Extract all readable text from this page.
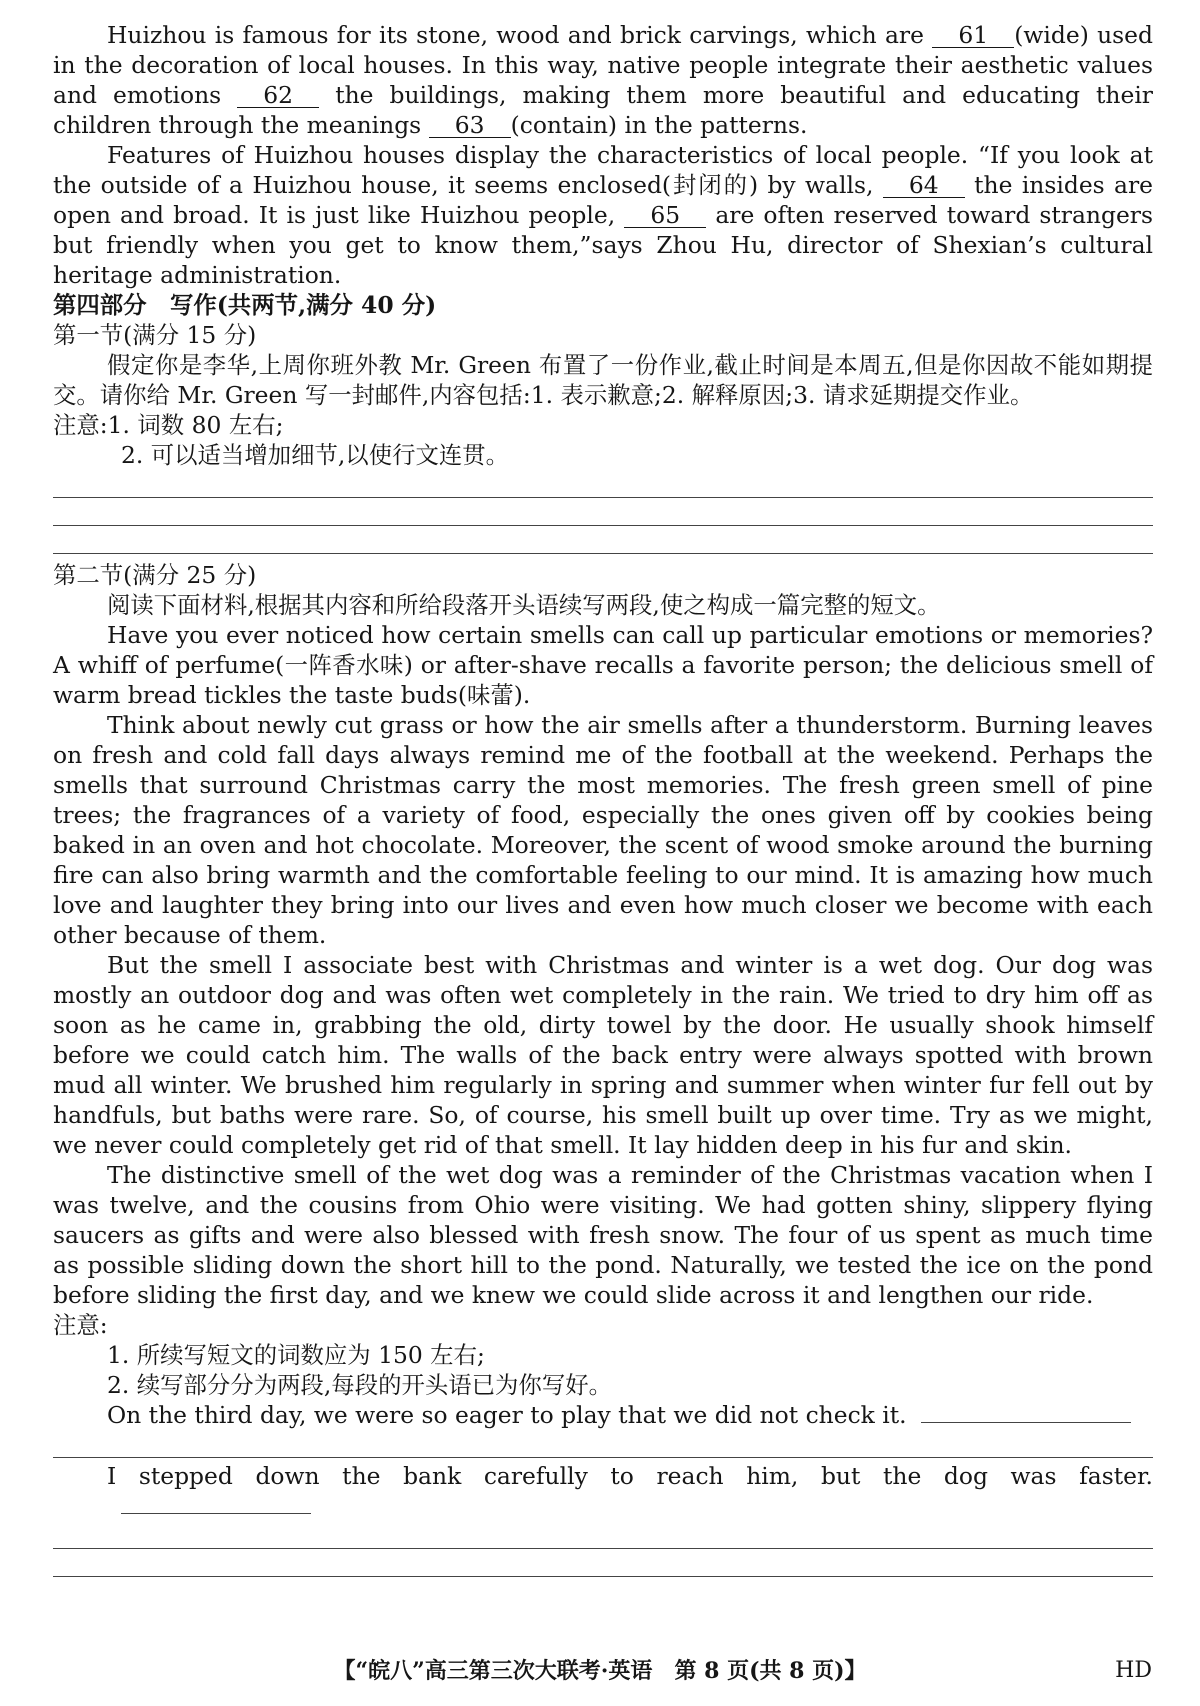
Huizhou is famous for its stone, wood and brick carvings, which are 61 (wide) used in the decoration of local houses. In this way, native people integrate their aesthetic values and emotions 62 the buildings, making them more beautiful and educating their children through the meanings 63 (contain) in the patterns.

Features of Huizhou houses display the characteristics of local people. “If you look at the outside of a Huizhou house, it seems enclosed(封闭的) by walls, 64 the insides are open and broad. It is just like Huizhou people, 65 are often reserved toward strangers but friendly when you get to know them,”says Zhou Hu, director of Shexian’s cultural heritage administration.

第四部分　写作(共两节,满分 40 分)

第一节(满分 15 分)

假定你是李华,上周你班外教 Mr. Green 布置了一份作业,截止时间是本周五,但是你因故不能如期提交。请你给 Mr. Green 写一封邮件,内容包括:1. 表示歉意;2. 解释原因;3. 请求延期提交作业。

注意:1. 词数 80 左右;

2. 可以适当增加细节,以使行文连贯。

第二节(满分 25 分)

阅读下面材料,根据其内容和所给段落开头语续写两段,使之构成一篇完整的短文。

Have you ever noticed how certain smells can call up particular emotions or memories? A whiff of perfume(一阵香水味) or after-shave recalls a favorite person; the delicious smell of warm bread tickles the taste buds(味蕾).

Think about newly cut grass or how the air smells after a thunderstorm. Burning leaves on fresh and cold fall days always remind me of the football at the weekend. Perhaps the smells that surround Christmas carry the most memories. The fresh green smell of pine trees; the fragrances of a variety of food, especially the ones given off by cookies being baked in an oven and hot chocolate. Moreover, the scent of wood smoke around the burning fire can also bring warmth and the comfortable feeling to our mind. It is amazing how much love and laughter they bring into our lives and even how much closer we become with each other because of them.

But the smell I associate best with Christmas and winter is a wet dog. Our dog was mostly an outdoor dog and was often wet completely in the rain. We tried to dry him off as soon as he came in, grabbing the old, dirty towel by the door. He usually shook himself before we could catch him. The walls of the back entry were always spotted with brown mud all winter. We brushed him regularly in spring and summer when winter fur fell out by handfuls, but baths were rare. So, of course, his smell built up over time. Try as we might, we never could completely get rid of that smell. It lay hidden deep in his fur and skin.

The distinctive smell of the wet dog was a reminder of the Christmas vacation when I was twelve, and the cousins from Ohio were visiting. We had gotten shiny, slippery flying saucers as gifts and were also blessed with fresh snow. The four of us spent as much time as possible sliding down the short hill to the pond. Naturally, we tested the ice on the pond before sliding the first day, and we knew we could slide across it and lengthen our ride.

注意:

1. 所续写短文的词数应为 150 左右;

2. 续写部分分为两段,每段的开头语已为你写好。

On the third day, we were so eager to play that we did not check it.

I stepped down the bank carefully to reach him, but the dog was faster.

【“皖八”高三第三次大联考·英语　第 8 页(共 8 页)】	HD
